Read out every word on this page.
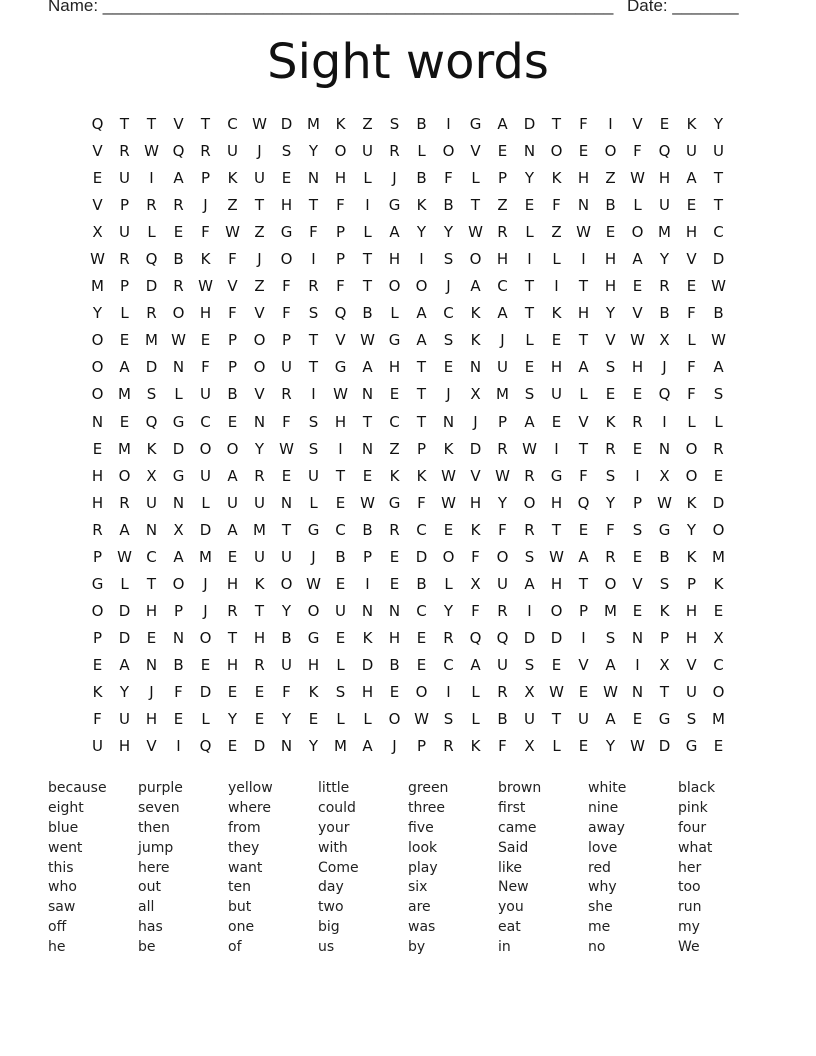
Name: ______________________________________________________ Date: _______
Sight words
Q	T	T	V	T	C W D M	K	Z	S	B	I	G	A	D	T	F	I	V	E	K	Y
V	R W Q	R	U	J	S	Y	O	U	R	L	O	V	E	N	O	E	O	F	Q	U	U
E	U	I	A	P	K	U	E	N	H	L	J	B	F	L	P	Y	K	H	Z W H	A	T
V	P	R	R	J	Z	T	H	T	F	I	G	K	B	T	Z	E	F	N	B	L	U	E	T
X	U	L	E	F	W Z	G	F	P	L	A	Y	Y	W R	L	Z W E	O M H	C
W R	Q	B	K	F	J	O	I	P	T	H	I	S	O	H	I	L	I	H	A	Y	V	D
M	P	D	R W V	Z	F	R	F	T	O	O	J	A	C	T	I	T	H	E	R	E W
Y	L	R	O	H	F	V	F	S	Q	B	L	A	C	K	A	T	K	H	Y	V	B	F	B
O	E	M W E	P	O	P	T	V W G	A	S	K	J	L	E	T	V W X	L	W
O	A	D	N	F	P	O	U	T	G	A	H	T	E	N	U	E	H	A	S	H	J	F	A
O M	S	L	U	B	V	R	I	W N	E	T	J	X	M	S	U	L	E	E	Q	F	S
N	E	Q	G	C	E	N	F	S	H	T	C	T	N	J	P	A	E	V	K	R	I	L	L
E	M	K	D	O	O	Y	W S	I	N	Z	P	K	D	R W	I	T	R	E	N	O	R
H	O	X	G	U	A	R	E	U	T	E	K	K W V W R	G	F	S	I	X	O	E
H	R	U	N	L	U	U	N	L	E W G	F	W H	Y	O	H	Q	Y	P	W K	D
R	A	N	X	D	A	M	T	G	C	B	R	C	E	K	F	R	T	E	F	S	G	Y	O
P	W C	A	M	E	U	U	J	B	P	E	D	O	F	O	S W A	R	E	B	K	M
G	L	T	O	J	H	K	O W E	I	E	B	L	X	U	A	H	T	O	V	S	P	K
O	D	H	P	J	R	T	Y	O	U	N	N	C	Y	F	R	I	O	P	M	E	K	H	E
P	D	E	N	O	T	H	B	G	E	K	H	E	R	Q	Q	D	D	I	S	N	P	H	X
E	A	N	B	E	H	R	U	H	L	D	B	E	C	A	U	S	E	V	A	I	X	V	C
K	Y	J	F	D	E	E	F	K	S	H	E	O	I	L	R	X W E W N	T	U	O
F	U	H	E	L	Y	E	Y	E	L	L	O W S	L	B	U	T	U	A	E	G	S	M
U	H	V	I	Q	E	D	N	Y	M	A	J	P	R	K	F	X	L	E	Y	W D	G	E
because	purple	yellow	little	green	brown	white	black
eight	seven	where	could	three	first	nine	pink
blue	then	from	your	five	came	away	four
went	jump	they	with	look	Said	love	what
this	here	want	Come	play	like	red	her
who	out	ten	day	six	New	why	too
saw	all	but	two	are	you	she	run
off	has	one	big	was	eat	me	my
he	be	of	us	by	in	no	We
